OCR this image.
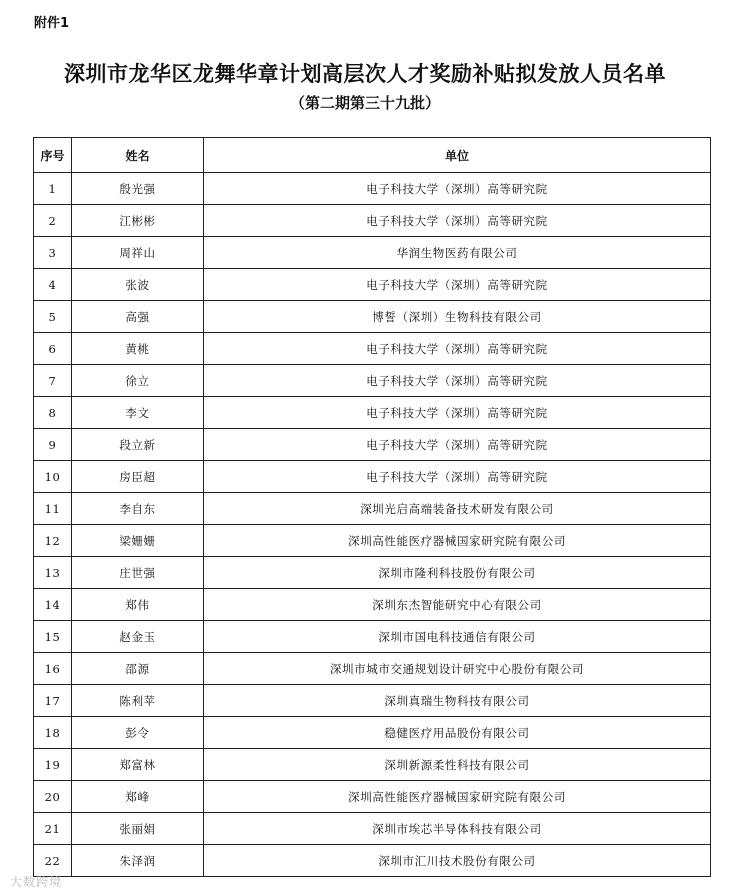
附件1
深圳市龙华区龙舞华章计划高层次人才奖励补贴拟发放人员名单
（第二期第三十九批）
序号	姓名	单位
1	殷光强	电子科技大学（深圳）高等研究院
2	江彬彬	电子科技大学（深圳）高等研究院
3	周祥山	华润生物医药有限公司
4	张波	电子科技大学（深圳）高等研究院
5	高强	博誓（深圳）生物科技有限公司
6	黄桃	电子科技大学（深圳）高等研究院
7	徐立	电子科技大学（深圳）高等研究院
8	李文	电子科技大学（深圳）高等研究院
9	段立新	电子科技大学（深圳）高等研究院
10	房臣超	电子科技大学（深圳）高等研究院
11	李自东	深圳光启高端装备技术研发有限公司
12	梁姗姗	深圳高性能医疗器械国家研究院有限公司
13	庄世强	深圳市隆利科技股份有限公司
14	郑伟	深圳东杰智能研究中心有限公司
15	赵金玉	深圳市国电科技通信有限公司
16	邵源	深圳市城市交通规划设计研究中心股份有限公司
17	陈利苹	深圳真瑞生物科技有限公司
18	彭令	稳健医疗用品股份有限公司
19	郑富林	深圳新源柔性科技有限公司
20	郑峰	深圳高性能医疗器械国家研究院有限公司
21	张丽娟	深圳市埃芯半导体科技有限公司
22	朱泽润	深圳市汇川技术股份有限公司
大数跨境
